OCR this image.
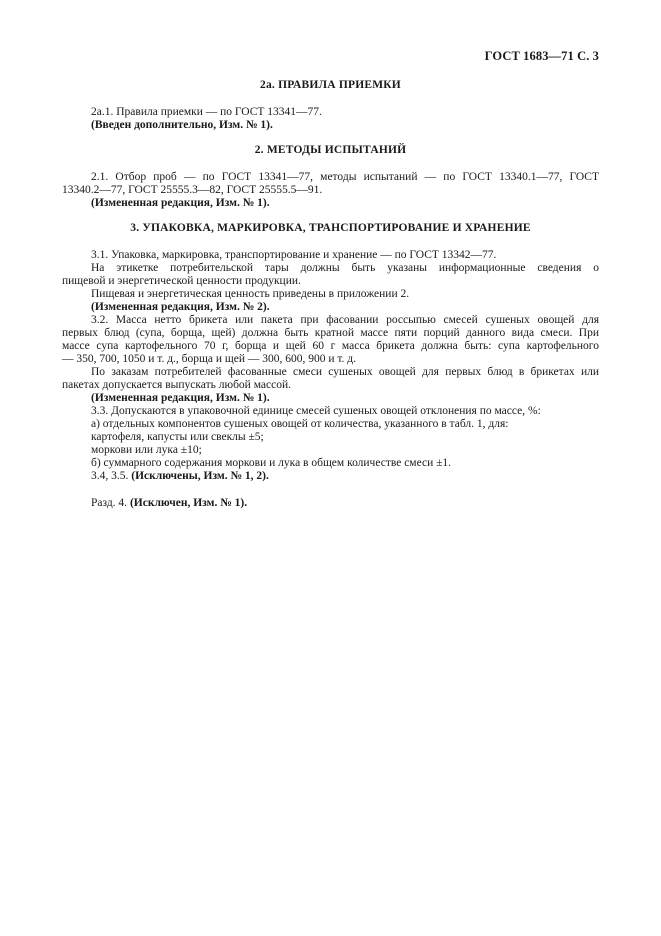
ГОСТ 1683—71 С. 3
2а. ПРАВИЛА ПРИЕМКИ
2а.1. Правила приемки — по ГОСТ 13341—77.
(Введен дополнительно, Изм. № 1).
2. МЕТОДЫ ИСПЫТАНИЙ
2.1. Отбор проб — по ГОСТ 13341—77, методы испытаний — по ГОСТ 13340.1—77, ГОСТ
13340.2—77, ГОСТ 25555.3—82, ГОСТ 25555.5—91.
(Измененная редакция, Изм. № 1).
3. УПАКОВКА, МАРКИРОВКА, ТРАНСПОРТИРОВАНИЕ И ХРАНЕНИЕ
3.1. Упаковка, маркировка, транспортирование и хранение — по ГОСТ 13342—77.
На этикетке потребительской тары должны быть указаны информационные сведения о
пищевой и энергетической ценности продукции.
Пищевая и энергетическая ценность приведены в приложении 2.
(Измененная редакция, Изм. № 2).
3.2. Масса нетто брикета или пакета при фасовании россыпью смесей сушеных овощей для
первых блюд (супа, борща, щей) должна быть кратной массе пяти порций данного вида смеси. При
массе супа картофельного 70 г, борща и щей 60 г масса брикета должна быть: супа картофельного
— 350, 700, 1050 и т. д., борща и щей — 300, 600, 900 и т. д.
По заказам потребителей фасованные смеси сушеных овощей для первых блюд в брикетах или
пакетах допускается выпускать любой массой.
(Измененная редакция, Изм. № 1).
3.3. Допускаются в упаковочной единице смесей сушеных овощей отклонения по массе, %:
а) отдельных компонентов сушеных овощей от количества, указанного в табл. 1, для:
картофеля, капусты или свеклы ±5;
моркови или лука ±10;
б) суммарного содержания моркови и лука в общем количестве смеси ±1.
3.4, 3.5. (Исключены, Изм. № 1, 2).
Разд. 4. (Исключен, Изм. № 1).
